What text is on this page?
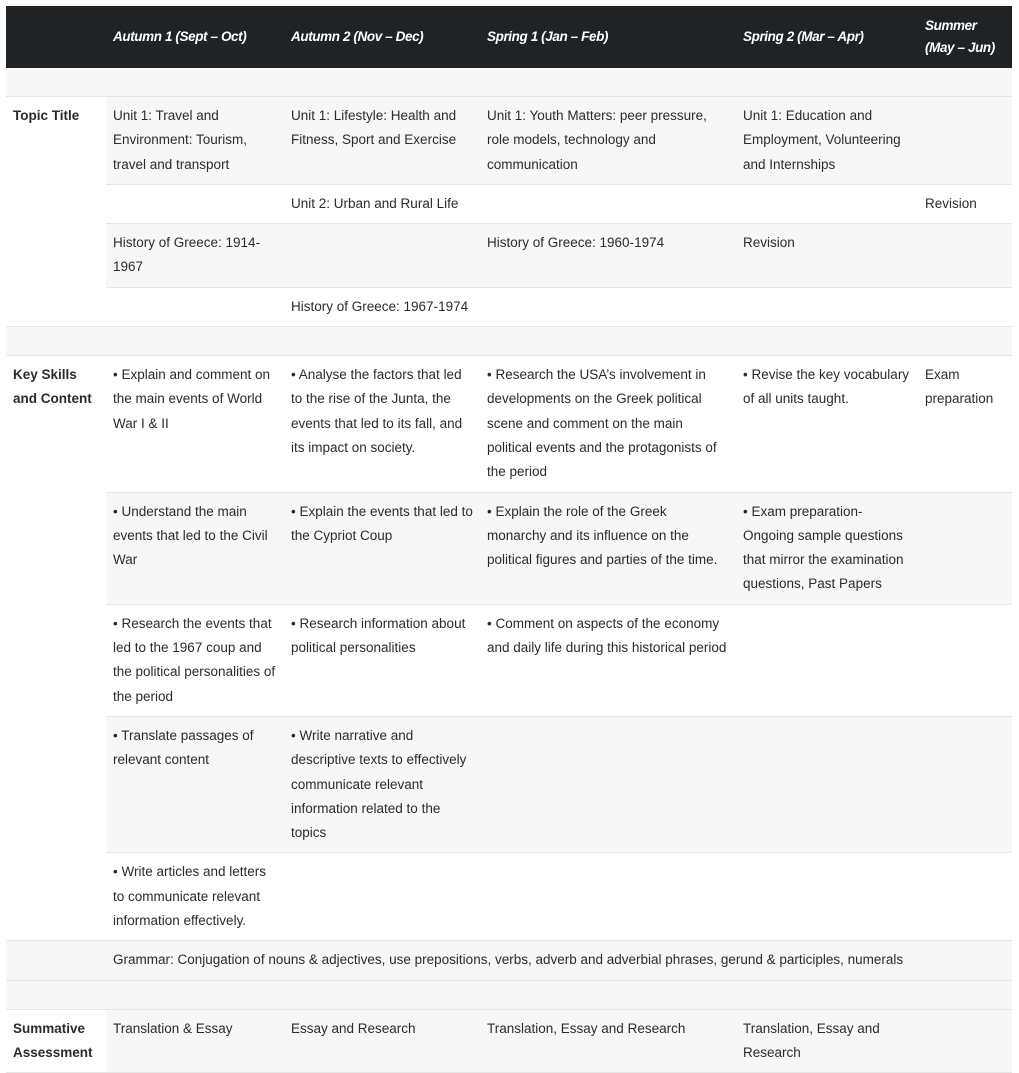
	Autumn 1 (Sept – Oct)	Autumn 2 (Nov – Dec)	Spring 1 (Jan – Feb)	Spring 2 (Mar – Apr)	Summer (May – Jun)

Topic Title	Unit 1: Travel and Environment: Tourism, travel and transport	Unit 1: Lifestyle: Health and Fitness, Sport and Exercise	Unit 1: Youth Matters: peer pressure, role models, technology and communication	Unit 1: Education and Employment, Volunteering and Internships	
		Unit 2: Urban and Rural Life			Revision
	History of Greece: 1914-1967		History of Greece: 1960-1974	Revision	
		History of Greece: 1967-1974			

Key Skills and Content	• Explain and comment on the main events of World War I & II	• Analyse the factors that led to the rise of the Junta, the events that led to its fall, and its impact on society.	• Research the USA’s involvement in developments on the Greek political scene and comment on the main political events and the protagonists of the period	• Revise the key vocabulary of all units taught.	Exam preparation
	• Understand the main events that led to the Civil War	• Explain the events that led to the Cypriot Coup	• Explain the role of the Greek monarchy and its influence on the political figures and parties of the time.	• Exam preparation- Ongoing sample questions that mirror the examination questions, Past Papers	
	• Research the events that led to the 1967 coup and the political personalities of the period	• Research information about political personalities	• Comment on aspects of the economy and daily life during this historical period		
	• Translate passages of relevant content	• Write narrative and descriptive texts to effectively communicate relevant information related to the topics			
	• Write articles and letters to communicate relevant information effectively.				
	Grammar: Conjugation of nouns & adjectives, use prepositions, verbs, adverb and adverbial phrases, gerund & participles, numerals				

Summative Assessment	Translation & Essay	Essay and Research	Translation, Essay and Research	Translation, Essay and Research	
